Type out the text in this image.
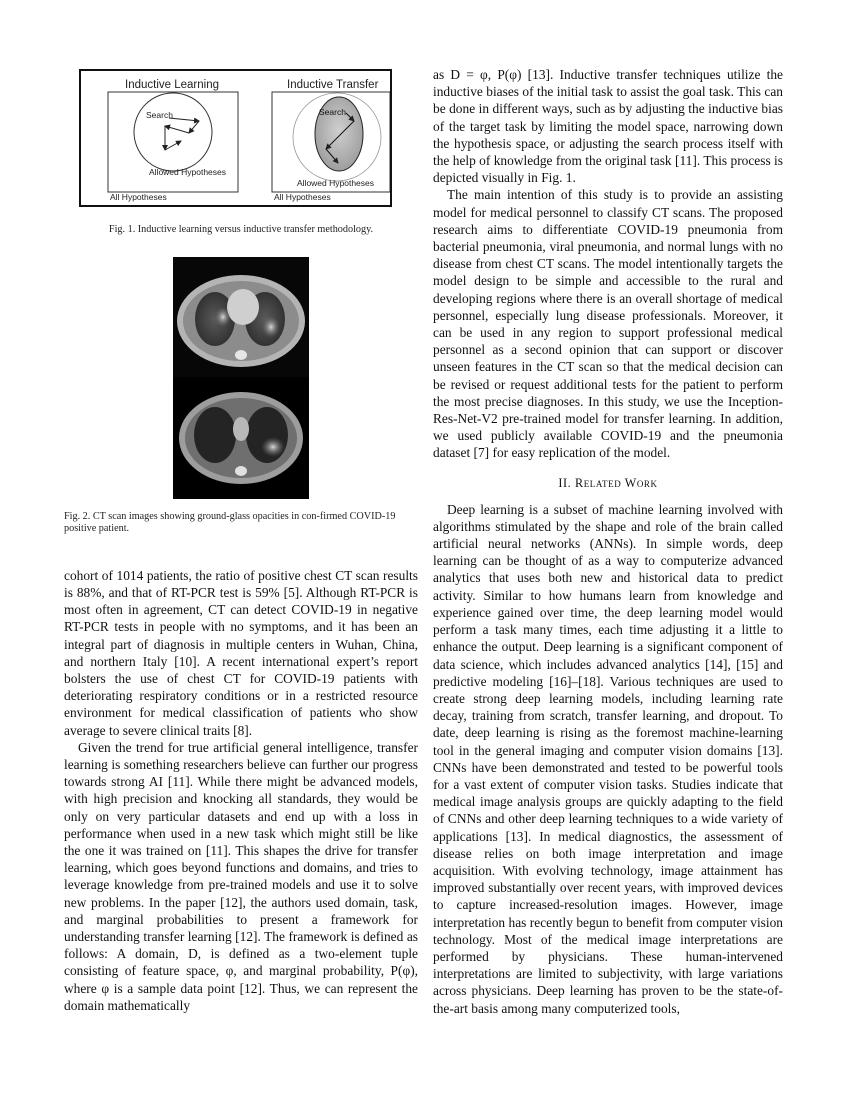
Inductive Learning
Search
Allowed Hypotheses
All Hypotheses
Inductive Transfer
Search
Allowed Hypotheses
All Hypotheses
Fig. 1. Inductive learning versus inductive transfer methodology.
Fig. 2. CT scan images showing ground-glass opacities in con-firmed COVID-19 positive patient.

cohort of 1014 patients, the ratio of positive chest CT scan results is 88%, and that of RT-PCR test is 59% [5]. Although RT-PCR is most often in agreement, CT can detect COVID-19 in negative RT-PCR tests in people with no symptoms, and it has been an integral part of diagnosis in multiple centers in Wuhan, China, and northern Italy [10]. A recent international expert’s report bolsters the use of chest CT for COVID-19 patients with deteriorating respiratory conditions or in a restricted resource environment for medical classification of patients who show average to severe clinical traits [8].

Given the trend for true artificial general intelligence, transfer learning is something researchers believe can further our progress towards strong AI [11]. While there might be advanced models, with high precision and knocking all standards, they would be only on very particular datasets and end up with a loss in performance when used in a new task which might still be like the one it was trained on [11]. This shapes the drive for transfer learning, which goes beyond functions and domains, and tries to leverage knowledge from pre-trained models and use it to solve new problems. In the paper [12], the authors used domain, task, and marginal probabilities to present a framework for understanding transfer learning [12]. The framework is defined as follows: A domain, D, is defined as a two-element tuple consisting of feature space, φ, and marginal probability, P(φ), where φ is a sample data point [12]. Thus, we can represent the domain mathematically

as D = φ, P(φ) [13]. Inductive transfer techniques utilize the inductive biases of the initial task to assist the goal task. This can be done in different ways, such as by adjusting the inductive bias of the target task by limiting the model space, narrowing down the hypothesis space, or adjusting the search process itself with the help of knowledge from the original task [11]. This process is depicted visually in Fig. 1.

The main intention of this study is to provide an assisting model for medical personnel to classify CT scans. The proposed research aims to differentiate COVID-19 pneumonia from bacterial pneumonia, viral pneumonia, and normal lungs with no disease from chest CT scans. The model intentionally targets the model design to be simple and accessible to the rural and developing regions where there is an overall shortage of medical personnel, especially lung disease professionals. Moreover, it can be used in any region to support professional medical personnel as a second opinion that can support or discover unseen features in the CT scan so that the medical decision can be revised or request additional tests for the patient to perform the most precise diagnoses. In this study, we use the Inception-Res-Net-V2 pre-trained model for transfer learning. In addition, we used publicly available COVID-19 and the pneumonia dataset [7] for easy replication of the model.

II. Related Work

Deep learning is a subset of machine learning involved with algorithms stimulated by the shape and role of the brain called artificial neural networks (ANNs). In simple words, deep learning can be thought of as a way to computerize advanced analytics that uses both new and historical data to predict activity. Similar to how humans learn from knowledge and experience gained over time, the deep learning model would perform a task many times, each time adjusting it a little to enhance the output. Deep learning is a significant component of data science, which includes advanced analytics [14], [15] and predictive modeling [16]–[18]. Various techniques are used to create strong deep learning models, including learning rate decay, training from scratch, transfer learning, and dropout. To date, deep learning is rising as the foremost machine-learning tool in the general imaging and computer vision domains [13]. CNNs have been demonstrated and tested to be powerful tools for a vast extent of computer vision tasks. Studies indicate that medical image analysis groups are quickly adapting to the field of CNNs and other deep learning techniques to a wide variety of applications [13]. In medical diagnostics, the assessment of disease relies on both image interpretation and image acquisition. With evolving technology, image attainment has improved substantially over recent years, with improved devices to capture increased-resolution images. However, image interpretation has recently begun to benefit from computer vision technology. Most of the medical image interpretations are performed by physicians. These human-intervened interpretations are limited to subjectivity, with large variations across physicians. Deep learning has proven to be the state-of-the-art basis among many computerized tools,
